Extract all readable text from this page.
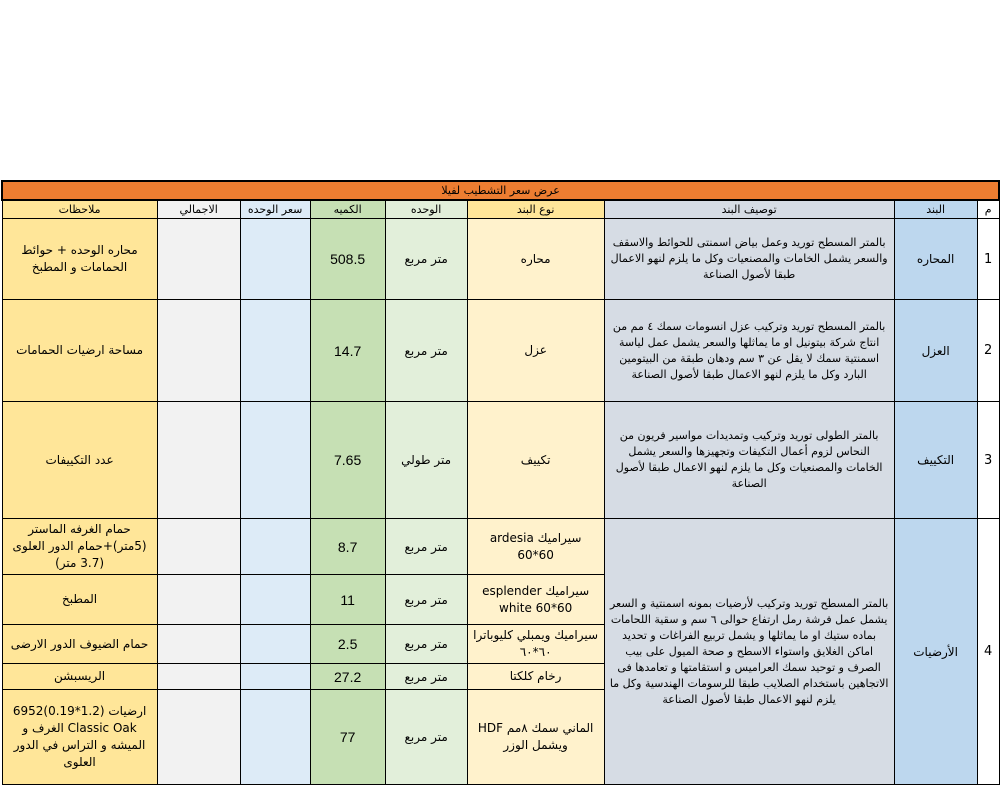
عرض سعر التشطيب لفيلا								
م	البند	توصيف البند	نوع البند	الوحده	الكميه	سعر الوحده	الاجمالي	ملاحظات
1	المحاره	بالمتر المسطح توريد وعمل بياض اسمنتى للحوائط والاسقف والسعر يشمل الخامات والمصنعيات وكل ما يلزم لنهو الاعمال طبقا لأصول الصناعة	محاره	متر مربع	508.5			محاره الوحده + حوائط الحمامات و المطبخ
2	العزل	بالمتر المسطح توريد وتركيب عزل انسومات سمك ٤ مم من انتاج شركة بيتونيل او ما يماثلها والسعر يشمل عمل لياسة اسمنتية سمك لا يقل عن ٣ سم ودهان طبقة من البيتومين البارد وكل ما يلزم لنهو الاعمال طبقا لأصول الصناعة	عزل	متر مربع	14.7			مساحة ارضيات الحمامات
3	التكييف	بالمتر الطولى توريد وتركيب وتمديدات مواسير فريون من النحاس لزوم أعمال التكيفات وتجهيزها والسعر يشمل الخامات والمصنعيات وكل ما يلزم لنهو الاعمال طبقا لأصول الصناعة	تكييف	متر طولي	7.65			عدد التكييفات
4	الأرضيات	بالمتر المسطح توريد وتركيب لأرضيات بمونه اسمنتية و السعر يشمل عمل فرشة رمل ارتفاع حوالى ٦ سم و سقية اللحامات بماده ستيك او ما يماثلها و يشمل تربيع الفراغات و تحديد اماكن الغلايق واستواء الاسطح و صحة الميول على بيب الصرف و توحيد سمك العراميس و استقامتها و تعامدها فى الاتجاهين باستخدام الصلايب طبقا للرسومات الهندسية وكل ما يلزم لنهو الاعمال طبقا لأصول الصناعة	سيراميك ardesia 60*60	متر مربع	8.7			حمام الغرفه الماستر (5متر)+حمام الدور العلوى (3.7 متر)
			سيراميك esplender white 60*60	متر مربع	11			المطبخ
			سيراميك ويمبلي كليوباترا ٦٠*٦٠	متر مربع	2.5			حمام الضيوف الدور الارضى
			رخام كلكتا	متر مربع	27.2			الريسبشن
			الماني سمك ٨مم HDF ويشمل الوزر	متر مربع	77			ارضيات (1.2*0.19)6952 Classic Oak الغرف و الميشه و التراس في الدور العلوى
